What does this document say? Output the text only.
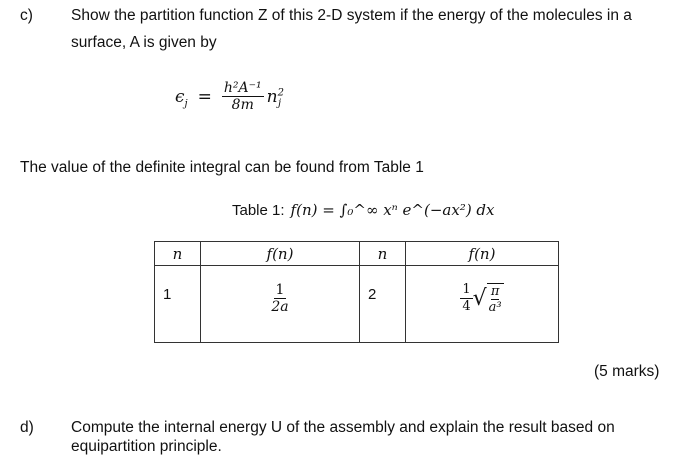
c) Show the partition function Z of this 2-D system if the energy of the molecules in a
surface, A is given by
$\epsilon_j = \frac{\text{h²A⁻¹}}{8m} n^2_j$
The value of the definite integral can be found from Table 1
Table 1: f(n) = ∫₀^∞ xⁿ e^(−ax²) dx
n	f(n)	n	f(n)

1	$\frac{1}{2a}$	2	$\frac{1}{4}$ √ $\frac{\pi}{\text{a³}}$
(5 marks)
d) Compute the internal energy U of the assembly and explain the result based on
equipartition principle.
